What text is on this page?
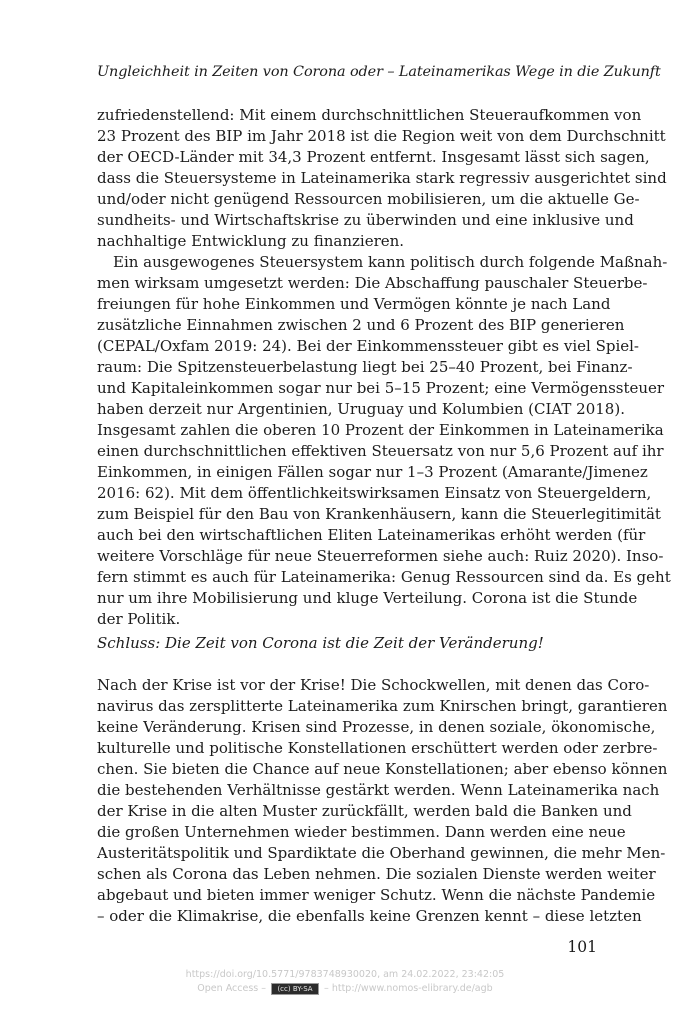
Ungleichheit in Zeiten von Corona oder – Lateinamerikas Wege in die Zukunft
zufriedenstellend: Mit einem durchschnittlichen Steueraufkommen von
23 Prozent des BIP im Jahr 2018 ist die Region weit von dem Durchschnitt
der OECD-Länder mit 34,3 Prozent entfernt. Insgesamt lässt sich sagen,
dass die Steuersysteme in Lateinamerika stark regressiv ausgerichtet sind
und/oder nicht genügend Ressourcen mobilisieren, um die aktuelle Ge-
sundheits- und Wirtschaftskrise zu überwinden und eine inklusive und
nachhaltige Entwicklung zu finanzieren.
Ein ausgewogenes Steuersystem kann politisch durch folgende Maßnah-
men wirksam umgesetzt werden: Die Abschaffung pauschaler Steuerbe-
freiungen für hohe Einkommen und Vermögen könnte je nach Land
zusätzliche Einnahmen zwischen 2 und 6 Prozent des BIP generieren
(CEPAL/Oxfam 2019: 24). Bei der Einkommenssteuer gibt es viel Spiel-
raum: Die Spitzensteuerbelastung liegt bei 25–40 Prozent, bei Finanz-
und Kapitaleinkommen sogar nur bei 5–15 Prozent; eine Vermögenssteuer
haben derzeit nur Argentinien, Uruguay und Kolumbien (CIAT 2018).
Insgesamt zahlen die oberen 10 Prozent der Einkommen in Lateinamerika
einen durchschnittlichen effektiven Steuersatz von nur 5,6 Prozent auf ihr
Einkommen, in einigen Fällen sogar nur 1–3 Prozent (Amarante/Jimenez
2016: 62). Mit dem öffentlichkeitswirksamen Einsatz von Steuergeldern,
zum Beispiel für den Bau von Krankenhäusern, kann die Steuerlegitimität
auch bei den wirtschaftlichen Eliten Lateinamerikas erhöht werden (für
weitere Vorschläge für neue Steuerreformen siehe auch: Ruiz 2020). Inso-
fern stimmt es auch für Lateinamerika: Genug Ressourcen sind da. Es geht
nur um ihre Mobilisierung und kluge Verteilung. Corona ist die Stunde
der Politik.
Schluss: Die Zeit von Corona ist die Zeit der Veränderung!
Nach der Krise ist vor der Krise! Die Schockwellen, mit denen das Coro-
navirus das zersplitterte Lateinamerika zum Knirschen bringt, garantieren
keine Veränderung. Krisen sind Prozesse, in denen soziale, ökonomische,
kulturelle und politische Konstellationen erschüttert werden oder zerbre-
chen. Sie bieten die Chance auf neue Konstellationen; aber ebenso können
die bestehenden Verhältnisse gestärkt werden. Wenn Lateinamerika nach
der Krise in die alten Muster zurückfällt, werden bald die Banken und
die großen Unternehmen wieder bestimmen. Dann werden eine neue
Austeritätspolitik und Spardiktate die Oberhand gewinnen, die mehr Men-
schen als Corona das Leben nehmen. Die sozialen Dienste werden weiter
abgebaut und bieten immer weniger Schutz. Wenn die nächste Pandemie
– oder die Klimakrise, die ebenfalls keine Grenzen kennt – diese letzten
101
https://doi.org/10.5771/9783748930020, am 24.02.2022, 23:42:05
Open Access – (cc) BY-SA – http://www.nomos-elibrary.de/agb
